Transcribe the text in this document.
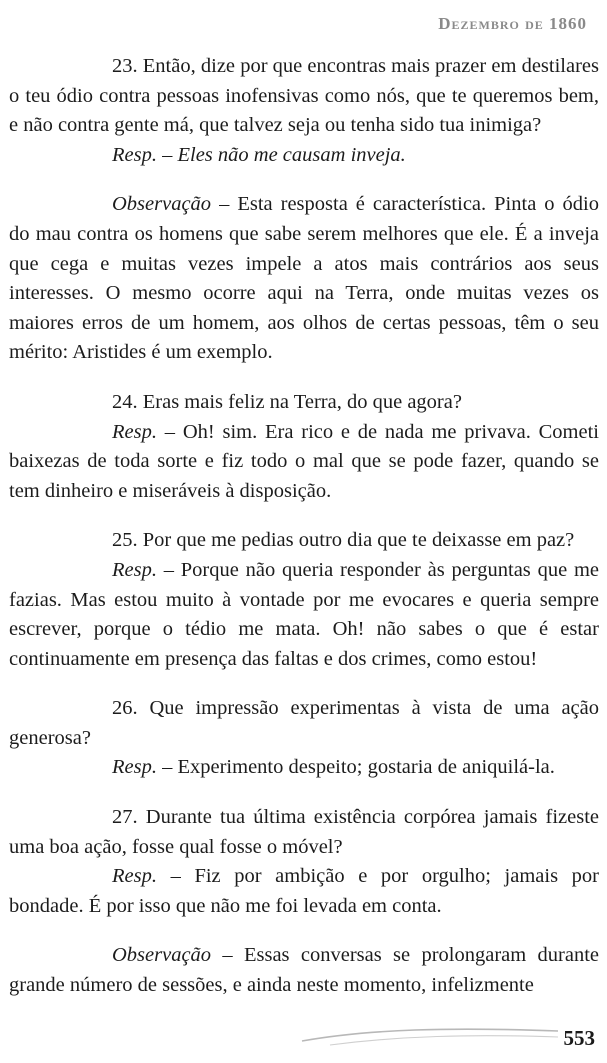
Dezembro de 1860

23. Então, dize por que encontras mais prazer em destilares o teu ódio contra pessoas inofensivas como nós, que te queremos bem, e não contra gente má, que talvez seja ou tenha sido tua inimiga?

Resp. – Eles não me causam inveja.

Observação – Esta resposta é característica. Pinta o ódio do mau contra os homens que sabe serem melhores que ele. É a inveja que cega e muitas vezes impele a atos mais contrários aos seus interesses. O mesmo ocorre aqui na Terra, onde muitas vezes os maiores erros de um homem, aos olhos de certas pessoas, têm o seu mérito: Aristides é um exemplo.

24. Eras mais feliz na Terra, do que agora?

Resp. – Oh! sim. Era rico e de nada me privava. Cometi baixezas de toda sorte e fiz todo o mal que se pode fazer, quando se tem dinheiro e miseráveis à disposição.

25. Por que me pedias outro dia que te deixasse em paz?

Resp. – Porque não queria responder às perguntas que me fazias. Mas estou muito à vontade por me evocares e queria sempre escrever, porque o tédio me mata. Oh! não sabes o que é estar continuamente em presença das faltas e dos crimes, como estou!

26. Que impressão experimentas à vista de uma ação generosa?

Resp. – Experimento despeito; gostaria de aniquilá-la.

27. Durante tua última existência corpórea jamais fizeste uma boa ação, fosse qual fosse o móvel?

Resp. – Fiz por ambição e por orgulho; jamais por bondade. É por isso que não me foi levada em conta.

Observação – Essas conversas se prolongaram durante grande número de sessões, e ainda neste momento, infelizmente

553
